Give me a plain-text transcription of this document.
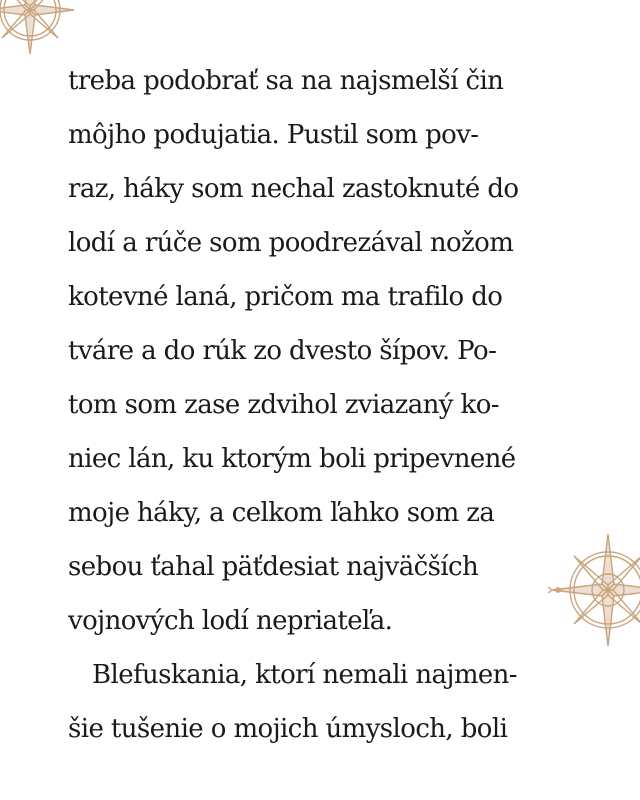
treba podobrať sa na najsmelší čin
môjho podujatia. Pustil som pov-
raz, háky som nechal zastoknuté do
lodí a rúče som poodrezával nožom
kotevné laná, pričom ma trafilo do
tváre a do rúk zo dvesto šípov. Po-
tom som zase zdvihol zviazaný ko-
niec lán, ku ktorým boli pripevnené
moje háky, a celkom ľahko som za
sebou ťahal päťdesiat najväčších
vojnových lodí nepriateľa.
Blefuskania, ktorí nemali najmen-
šie tušenie o mojich úmysloch, boli
